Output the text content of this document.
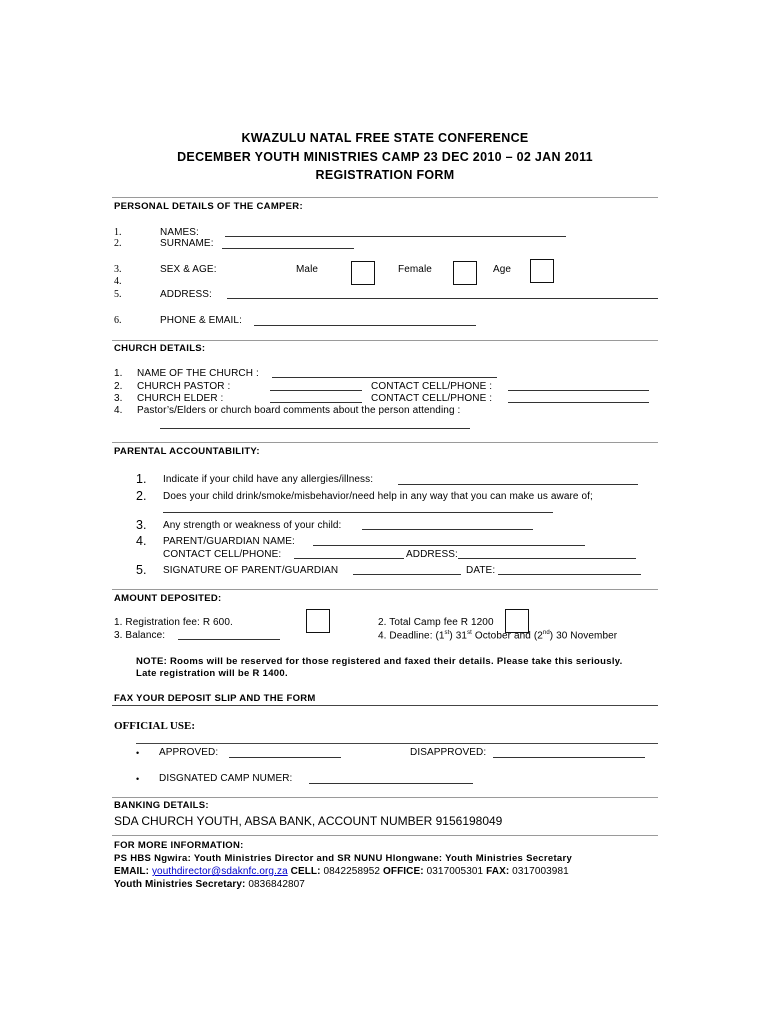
KWAZULU NATAL FREE STATE CONFERENCE
DECEMBER YOUTH MINISTRIES CAMP 23 DEC 2010 – 02 JAN 2011
REGISTRATION FORM
PERSONAL DETAILS OF THE CAMPER:
1.	NAMES:
2.	SURNAME:
3.	SEX & AGE:	Male	Female	Age
4.
5.	ADDRESS:
6.	PHONE & EMAIL:
CHURCH DETAILS:
1. NAME OF THE CHURCH :
2. CHURCH PASTOR :	CONTACT CELL/PHONE :
3. CHURCH ELDER :	CONTACT CELL/PHONE :
4. Pastor’s/Elders or church board comments about the person attending :
PARENTAL ACCOUNTABILITY:
1. Indicate if your child have any allergies/illness:
2. Does your child drink/smoke/misbehavior/need help in any way that you can make us aware of;
3. Any strength or weakness of your child:
4. PARENT/GUARDIAN NAME:
CONTACT CELL/PHONE:	ADDRESS:
5. SIGNATURE OF PARENT/GUARDIAN	DATE:
AMOUNT DEPOSITED:
1. Registration fee: R 600.
3. Balance:
2. Total Camp fee R 1200
4. Deadline: (1st) 31st October and (2nd) 30 November
NOTE: Rooms will be reserved for those registered and faxed their details. Please take this seriously.
Late registration will be R 1400.
FAX YOUR DEPOSIT SLIP AND THE FORM
OFFICIAL USE:
• APPROVED:	DISAPPROVED:
• DISGNATED CAMP NUMER:
BANKING DETAILS:
SDA CHURCH YOUTH, ABSA BANK, ACCOUNT NUMBER 9156198049
FOR MORE INFORMATION:
PS HBS Ngwira: Youth Ministries Director and SR NUNU Hlongwane: Youth Ministries Secretary
EMAIL: youthdirector@sdaknfc.org.za CELL: 0842258952 OFFICE: 0317005301 FAX: 0317003981
Youth Ministries Secretary: 0836842807
